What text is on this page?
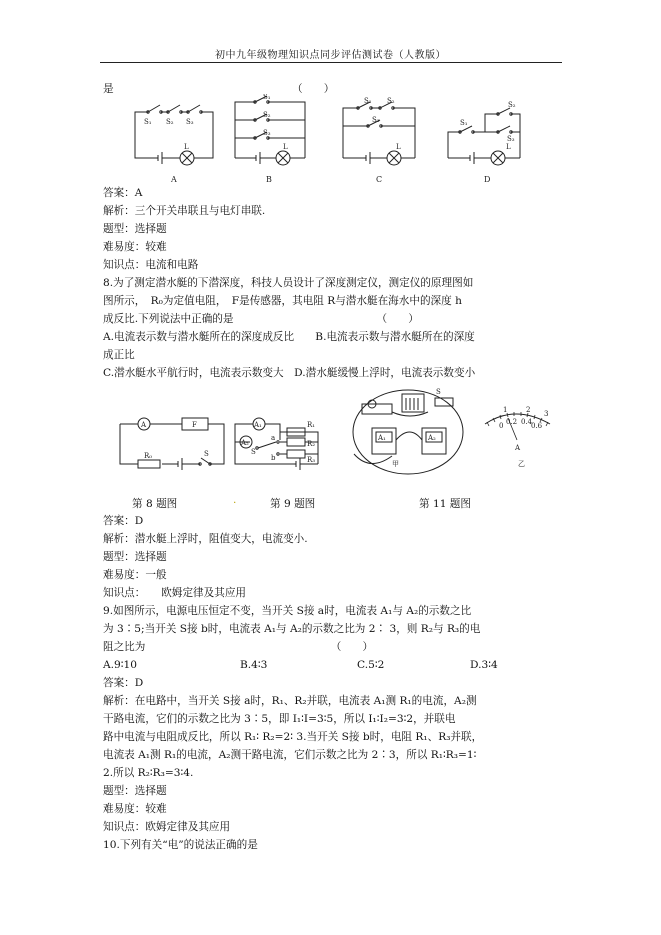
初中九年级物理知识点同步评估测试卷（人教版）
是	（　　）
S₁ S₂ S₃
L
S₁
S₂
S₃
L
S₁ S₂
S₃
L
S₁
S₂
S₃
L
A	B	C	D
答案：A
解析：三个开关串联且与电灯串联.
题型：选择题
难易度：较难
知识点：电流和电路
8.为了测定潜水艇的下潜深度，科技人员设计了深度测定仪，测定仪的原理图如
图所示，　R₀为定值电阻，　F是传感器，其电阻 R与潜水艇在海水中的深度 h
成反比.下列说法中正确的是　　　　　　　　　　　　　　（　　）
A.电流表示数与潜水艇所在的深度成反比　　B.电流表示数与潜水艇所在的深度
成正比
C.潜水艇水平航行时，电流表示数变大　D.潜水艇缓慢上浮时，电流表示数变小
A	F
R₀	S
A₁
A₂
R₁
R₂
R₃
a
b
S
A₁	A₂
S
0 0.2 0.4
0.6
1	2 3
A
甲	乙
第 8 题图	.	第 9 题图	第 11 题图
答案：D
解析：潜水艇上浮时，阻值变大，电流变小.
题型：选择题
难易度：一般
知识点：　　欧姆定律及其应用
9.如图所示，电源电压恒定不变，当开关 S接 a时，电流表 A₁与 A₂的示数之比
为 3∶5;当开关 S接 b时，电流表 A₁与 A₂的示数之比为 2∶ 3，则 R₂与 R₃的电
阻之比为　　　　　　　　　　　　　　　　　　（　　）
A.9∶10	B.4∶3	C.5∶2	D.3∶4
答案：D
解析：在电路中，当开关 S接 a时，R₁、R₂并联，电流表 A₁测 R₁的电流，A₂测
干路电流，它们的示数之比为 3∶5，即 I₁∶I=3∶5，所以 I₁∶I₂=3∶2，并联电
路中电流与电阻成反比，所以 R₁∶ R₂=2∶ 3.当开关 S接 b时，电阻 R₁、R₃并联，
电流表 A₁测 R₁的电流，A₂测干路电流，它们示数之比为 2∶3，所以 R₁∶R₃=1∶
2.所以 R₂∶R₃=3∶4.
题型：选择题
难易度：较难
知识点：欧姆定律及其应用
10.下列有关“电”的说法正确的是
